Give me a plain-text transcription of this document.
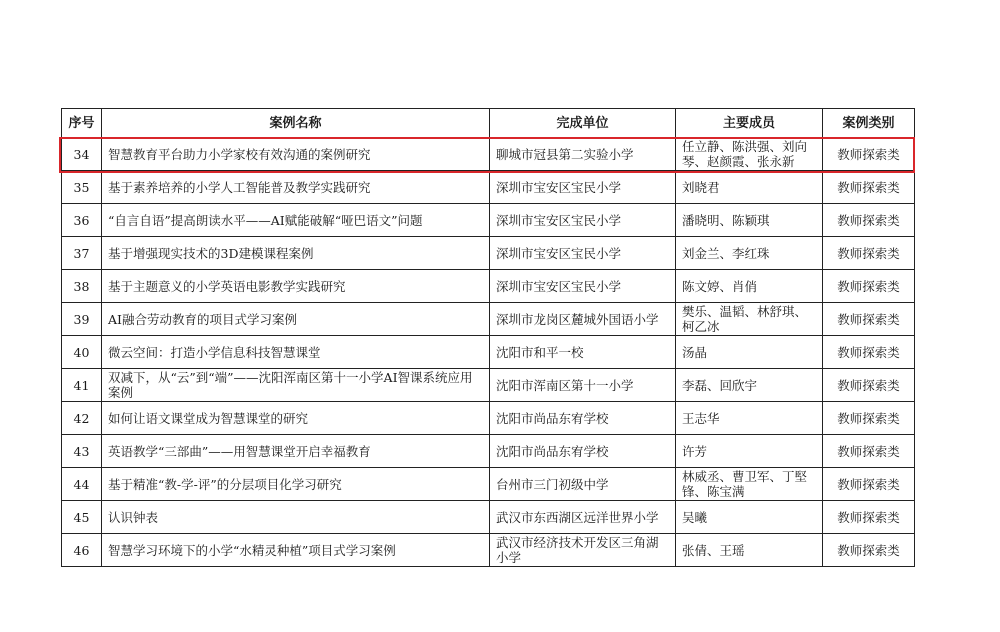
序号	案例名称	完成单位	主要成员	案例类别
34	智慧教育平台助力小学家校有效沟通的案例研究	聊城市冠县第二实验小学	任立静、陈洪强、刘向琴、赵颜霞、张永新	教师探索类
35	基于素养培养的小学人工智能普及教学实践研究	深圳市宝安区宝民小学	刘晓君	教师探索类
36	“自言自语”提高朗读水平——AI赋能破解“哑巴语文”问题	深圳市宝安区宝民小学	潘晓明、陈颖琪	教师探索类
37	基于增强现实技术的3D建模课程案例	深圳市宝安区宝民小学	刘金兰、李红珠	教师探索类
38	基于主题意义的小学英语电影教学实践研究	深圳市宝安区宝民小学	陈文婷、肖俏	教师探索类
39	AI融合劳动教育的项目式学习案例	深圳市龙岗区麓城外国语小学	樊乐、温韬、林舒琪、柯乙冰	教师探索类
40	微云空间：打造小学信息科技智慧课堂	沈阳市和平一校	汤晶	教师探索类
41	双减下，从“云”到“端”——沈阳浑南区第十一小学AI智课系统应用案例	沈阳市浑南区第十一小学	李磊、回欣宇	教师探索类
42	如何让语文课堂成为智慧课堂的研究	沈阳市尚品东宥学校	王志华	教师探索类
43	英语教学“三部曲”——用智慧课堂开启幸福教育	沈阳市尚品东宥学校	许芳	教师探索类
44	基于精准“教-学-评”的分层项目化学习研究	台州市三门初级中学	林威丞、曹卫军、丁堅锋、陈宝满	教师探索类
45	认识钟表	武汉市东西湖区远洋世界小学	吴曦	教师探索类
46	智慧学习环境下的小学“水精灵种植”项目式学习案例	武汉市经济技术开发区三角湖小学	张倩、王瑶	教师探索类
